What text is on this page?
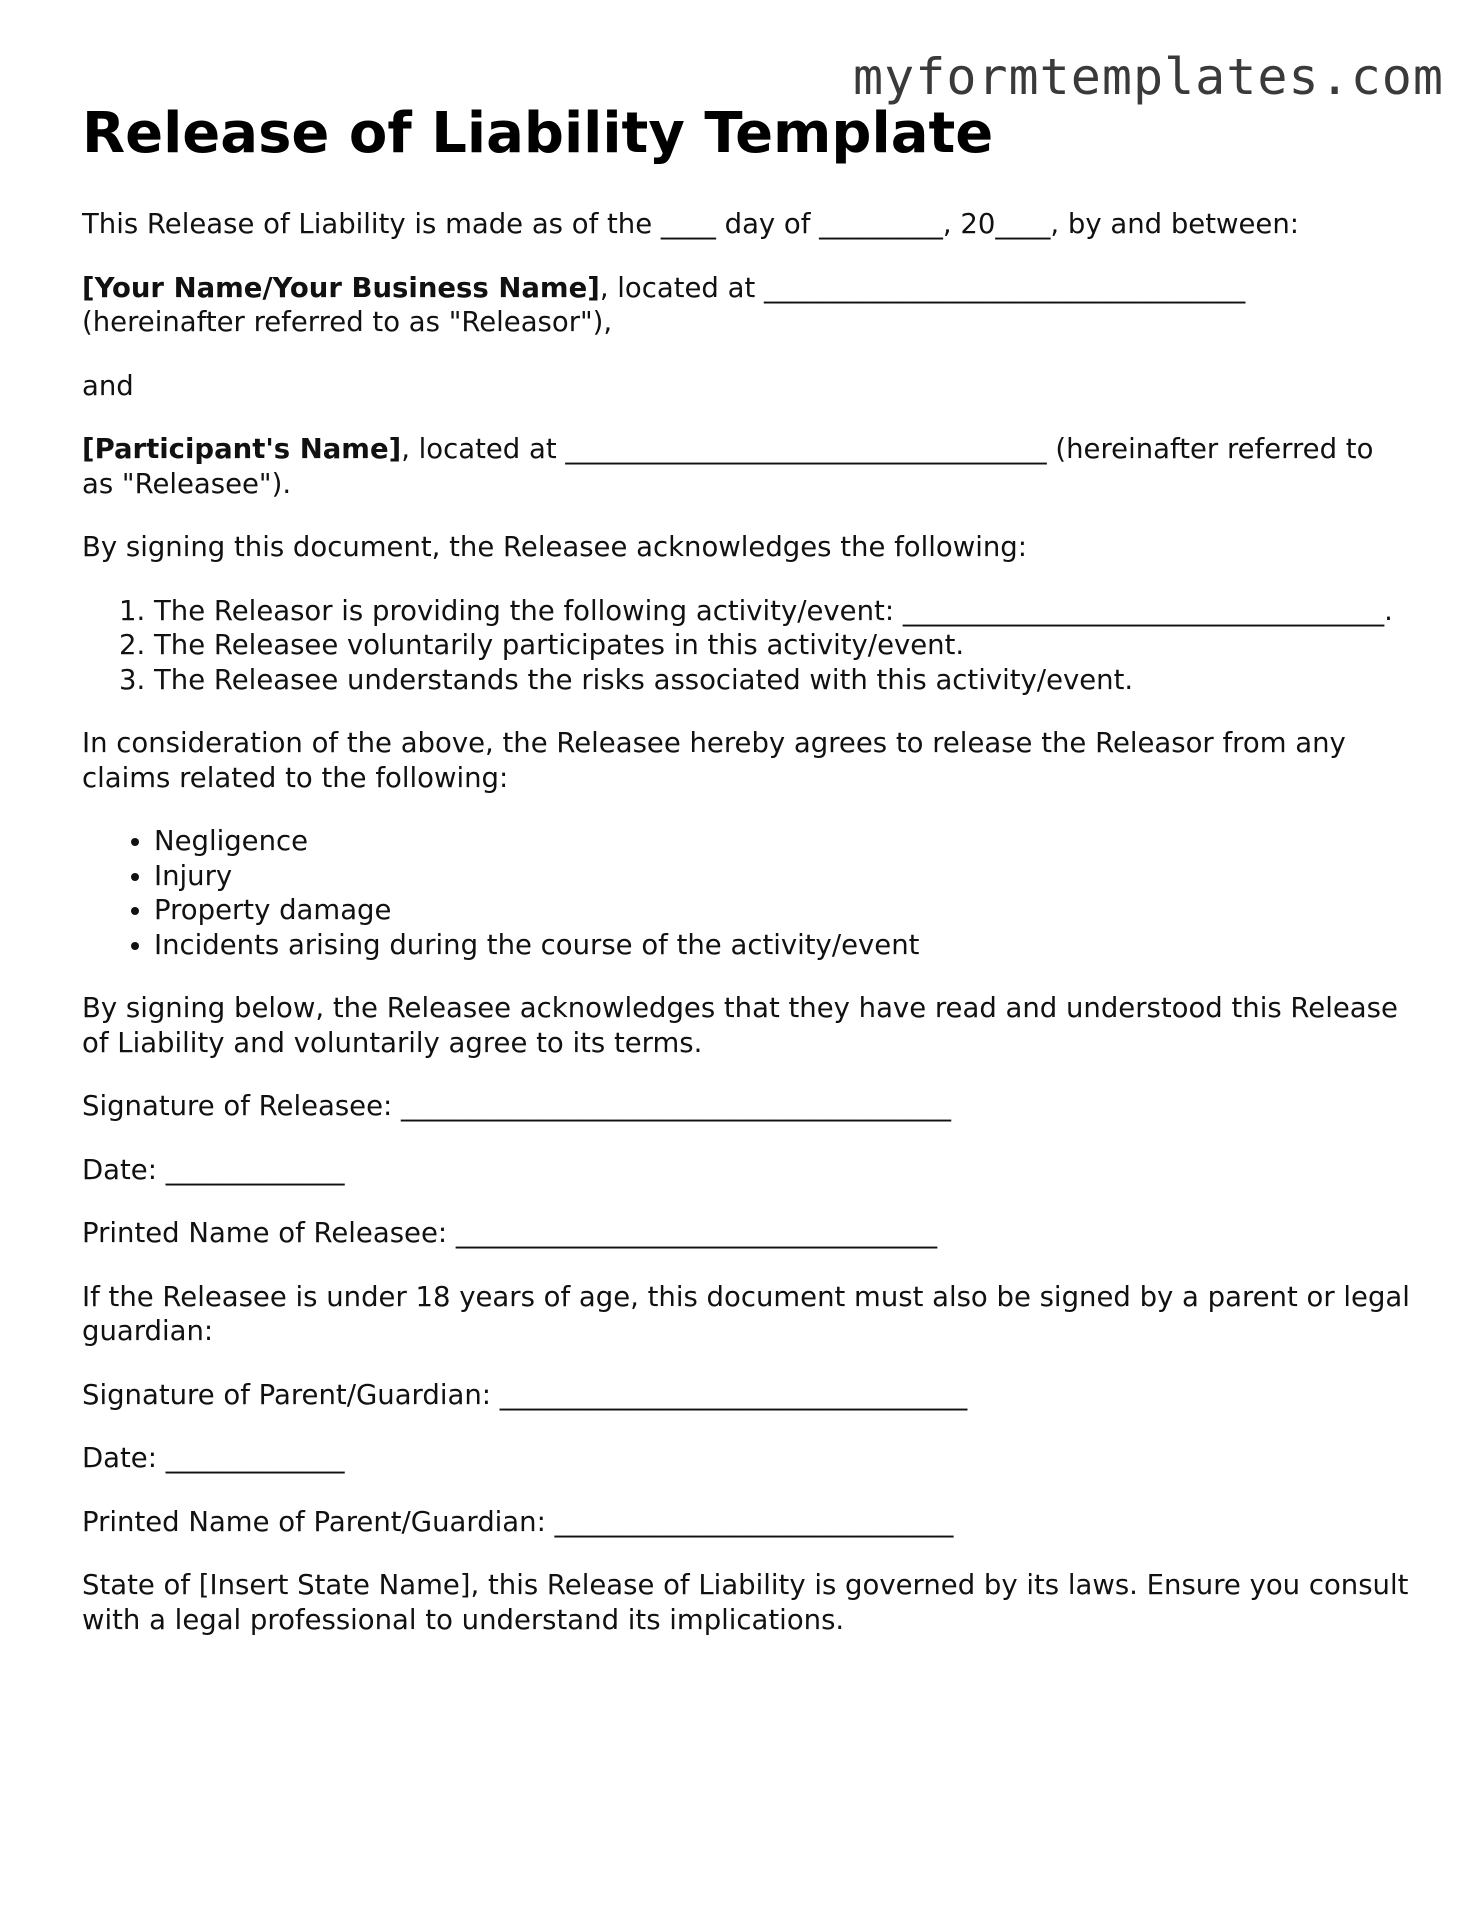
myformtemplates.com
Release of Liability Template

This Release of Liability is made as of the ____ day of _________, 20____, by and between:

[Your Name/Your Business Name], located at ___________________________________ (hereinafter referred to as "Releasor"),

and

[Participant's Name], located at ___________________________________ (hereinafter referred to as "Releasee").

By signing this document, the Releasee acknowledges the following:

1. The Releasor is providing the following activity/event: ___________________________________.
2. The Releasee voluntarily participates in this activity/event.
3. The Releasee understands the risks associated with this activity/event.

In consideration of the above, the Releasee hereby agrees to release the Releasor from any claims related to the following:

• Negligence
• Injury
• Property damage
• Incidents arising during the course of the activity/event

By signing below, the Releasee acknowledges that they have read and understood this Release of Liability and voluntarily agree to its terms.

Signature of Releasee: ________________________________________

Date: _____________

Printed Name of Releasee: ___________________________________

If the Releasee is under 18 years of age, this document must also be signed by a parent or legal guardian:

Signature of Parent/Guardian: __________________________________

Date: _____________

Printed Name of Parent/Guardian: _____________________________

State of [Insert State Name], this Release of Liability is governed by its laws. Ensure you consult with a legal professional to understand its implications.
